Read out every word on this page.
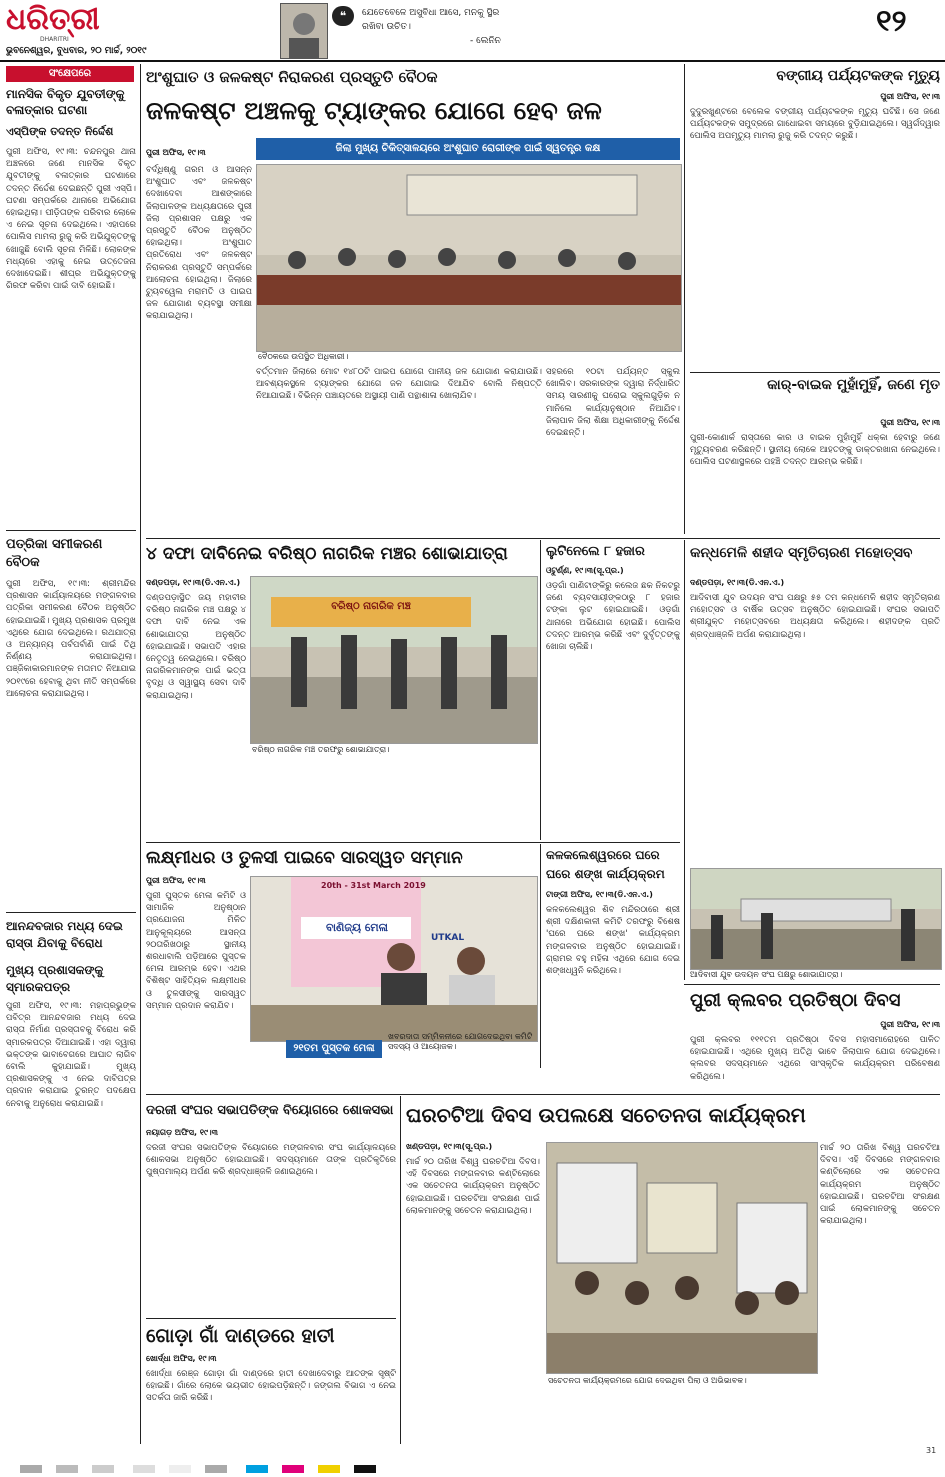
ଧରିତ୍ରୀ
DHARITRI
ଭୁବନେଶ୍ୱର, ବୁଧବାର, ୨୦ ମାର୍ଚ୍ଚ, ୨୦୧୯
❝	ଯେତେବେଳେ ଅସୁବିଧା ଆସେ, ମନକୁ ସ୍ଥିର
ରଖିବା ଉଚିତ।
- ଲେନିନ
୧୨
ସଂକ୍ଷେପରେ
ମାନସିକ ବିକୃତ ଯୁବତୀଙ୍କୁ ବଳାତ୍କାର ଘଟଣା
ଏସ୍‌ପିଙ୍କ ତଦନ୍ତ ନିର୍ଦ୍ଦେଶ
ପୁରୀ ଅଫିସ, ୧୯।୩: ଚନ୍ଦନପୁର ଥାନା ଅଞ୍ଚଳରେ ଜଣେ ମାନସିକ ବିକୃତ ଯୁବତୀଙ୍କୁ ବଳାତ୍କାର ଘଟଣାରେ ତଦନ୍ତ ନିର୍ଦ୍ଦେଶ ଦେଇଛନ୍ତି ପୁରୀ ଏସ୍‌ପି। ଘଟଣା ସମ୍ପର୍କରେ ଥାନାରେ ଅଭିଯୋଗ ହୋଇଥିଲା। ପୀଡ଼ିତାଙ୍କ ପରିବାର ଲୋକେ ଏ ନେଇ ସୂଚନା ଦେଇଥିଲେ। ଏହାପରେ ପୋଲିସ ମାମଲା ରୁଜୁ କରି ଅଭିଯୁକ୍ତଙ୍କୁ ଖୋଜୁଛି ବୋଲି ସୂଚନା ମିଳିଛି। ଲୋକଙ୍କ ମଧ୍ୟରେ ଏହାକୁ ନେଇ ଉତ୍ତେଜନା ଦେଖାଦେଇଛି। ଶୀଘ୍ର ଅଭିଯୁକ୍ତଙ୍କୁ ଗିରଫ କରିବା ପାଇଁ ଦାବି ହୋଇଛି।
ପତ୍ରିକା ସମୀକରଣ ବୈଠକ
ପୁରୀ ଅଫିସ, ୧୯।୩: ଶ୍ରୀମନ୍ଦିର ପ୍ରଶାସନ କାର୍ଯ୍ୟାଳୟରେ ମଙ୍ଗଳବାର ପତ୍ରିକା ସମୀକରଣ ବୈଠକ ଅନୁଷ୍ଠିତ ହୋଇଯାଇଛି। ମୁଖ୍ୟ ପ୍ରଶାସକ ପ୍ରମୁଖ ଏଥିରେ ଯୋଗ ଦେଇଥିଲେ। ରଥଯାତ୍ରା ଓ ଅନ୍ୟାନ୍ୟ ପର୍ବପର୍ବାଣି ପାଇଁ ତିଥି ନିର୍ଣ୍ଣୟ କରାଯାଇଥିଲା। ପଞ୍ଜିକାକାରମାନଙ୍କ ମତାମତ ନିଆଯାଇ ୨୦୧୯ରେ ହେବାକୁ ଥିବା ନୀତି ସମ୍ପର୍କରେ ଆଲୋଚନା କରାଯାଇଥିଲା।
ଆନନ୍ଦବଜାର ମଧ୍ୟ ଦେଇ ରାସ୍ତା ଯିବାକୁ ବିରୋଧ
ମୁଖ୍ୟ ପ୍ରଶାସକଙ୍କୁ ସ୍ମାରକପତ୍ର
ପୁରୀ ଅଫିସ, ୧୯।୩: ମହାପ୍ରଭୁଙ୍କ ପବିତ୍ର ଆନନ୍ଦବଜାର ମଧ୍ୟ ଦେଇ ରାସ୍ତା ନିର୍ମାଣ ପ୍ରସ୍ତାବକୁ ବିରୋଧ କରି ସ୍ମାରକପତ୍ର ଦିଆଯାଇଛି। ଏହା ଦ୍ୱାରା ଭକ୍ତଙ୍କ ଭାବାବେଗରେ ଆଘାତ ଲାଗିବ ବୋଲି କୁହାଯାଇଛି। ମୁଖ୍ୟ ପ୍ରଶାସକଙ୍କୁ ଏ ନେଇ ଦାବିପତ୍ର ପ୍ରଦାନ କରାଯାଇ ତୁରନ୍ତ ପଦକ୍ଷେପ ନେବାକୁ ଅନୁରୋଧ କରାଯାଇଛି।
ଅଂଶୁଘାତ ଓ ଜଳକଷ୍ଟ ନିରାକରଣ ପ୍ରସ୍ତୁତି ବୈଠକ
ଜଳକଷ୍ଟ ଅଞ୍ଚଳକୁ ଟ୍ୟାଙ୍କର ଯୋଗେ ହେବ ଜଳ
ଜିଲା ମୁଖ୍ୟ ଚିକିତ୍ସାଳୟରେ ଅଂଶୁଘାତ ରୋଗୀଙ୍କ ପାଇଁ ସ୍ୱତନ୍ତ୍ର କକ୍ଷ
ପୁରୀ ଅଫିସ, ୧୯।୩
ବର୍ଦ୍ଧିଷ୍ଣୁ ଗରମ ଓ ଆସନ୍ନ ଅଂଶୁଘାତ ଏବଂ ଜଳକଷ୍ଟ ଦେଖାଦେବା ଆଶଙ୍କାରେ ଜିଲାପାଳଙ୍କ ଅଧ୍ୟକ୍ଷତାରେ ପୁରୀ ଜିଲା ପ୍ରଶାସନ ପକ୍ଷରୁ ଏକ ପ୍ରସ୍ତୁତି ବୈଠକ ଅନୁଷ୍ଠିତ ହୋଇଥିଲା। ଅଂଶୁଘାତ ପ୍ରତିରୋଧ ଏବଂ ଜଳକଷ୍ଟ ନିରାକରଣ ପ୍ରସ୍ତୁତି ସମ୍ପର୍କରେ ଆଲୋଚନା ହୋଇଥିଲା। ଜିଲାରେ ଟ୍ୟୁବୱେଲ ମରାମତି ଓ ପାଇପ ଜଳ ଯୋଗାଣ ବ୍ୟବସ୍ଥା ସମୀକ୍ଷା କରାଯାଇଥିଲା।
ବୈଠକରେ ଉପସ୍ଥିତ ଅଧିକାରୀ।
ବର୍ତ୍ତମାନ ଜିଲାରେ ମୋଟ ୧୪୮୦ଟି ପାଇପ ଯୋଗେ ପାନୀୟ ଜଳ ଯୋଗାଣ କରାଯାଉଛି। ଆବଶ୍ୟକସ୍ଥଳେ ଟ୍ୟାଙ୍କର ଯୋଗେ ଜଳ ଯୋଗାଇ ଦିଆଯିବ ବୋଲି ନିଷ୍ପତ୍ତି ନିଆଯାଇଛି। ବିଭିନ୍ନ ପଞ୍ଚାୟତରେ ଅସ୍ଥାୟୀ ପାଣି ପନ୍ଥାଶାଳା ଖୋଲାଯିବ।
ସହରରେ ୧୦ଟା ପର୍ଯ୍ୟନ୍ତ ସ୍କୁଲ ଖୋଲିବ। ସରକାରଙ୍କ ଦ୍ୱାରା ନିର୍ଦ୍ଧାରିତ ସମୟ ସାରଣୀକୁ ଘରୋଇ ସ୍କୁଲଗୁଡ଼ିକ ନ ମାନିଲେ କାର୍ଯ୍ୟାନୁଷ୍ଠାନ ନିଆଯିବ। ଜିଲାପାଳ ଜିଲା ଶିକ୍ଷା ଅଧିକାରୀଙ୍କୁ ନିର୍ଦ୍ଦେଶ ଦେଇଛନ୍ତି।
ବଙ୍ଗୀୟ ପର୍ଯ୍ୟଟକଙ୍କ ମୃତ୍ୟୁ
ପୁରୀ ଅଫିସ, ୧୯।୩
ଦୁଦୁରଖୁଣ୍ଟରେ ବେଲେକ ବଙ୍ଗୀୟ ପର୍ଯ୍ୟଟକଙ୍କ ମୃତ୍ୟୁ ଘଟିଛି। ସେ ଜଣେ ପର୍ଯ୍ୟଟକଙ୍କ ସମୁଦ୍ରରେ ଗାଧୋଇବା ସମୟରେ ବୁଡ଼ିଯାଇଥିଲେ। ସ୍ୱର୍ଗଦ୍ୱାର ପୋଲିସ ଅପମୃତ୍ୟୁ ମାମଲା ରୁଜୁ କରି ତଦନ୍ତ କରୁଛି।
କାର୍-ବାଇକ ମୁହାଁମୁହିଁ, ଜଣେ ମୃତ
ପୁରୀ ଅଫିସ, ୧୯।୩
ପୁରୀ-କୋଣାର୍କ ରାସ୍ତାରେ କାର ଓ ବାଇକ ମୁହାଁମୁହିଁ ଧକ୍କା ହେବାରୁ ଜଣେ ମୃତ୍ୟୁବରଣ କରିଛନ୍ତି। ସ୍ଥାନୀୟ ଲୋକେ ଆହତଙ୍କୁ ଡାକ୍ତରଖାନା ନେଇଥିଲେ। ପୋଲିସ ଘଟଣାସ୍ଥଳରେ ପହଞ୍ଚି ତଦନ୍ତ ଆରମ୍ଭ କରିଛି।
୪ ଦଫା ଦାବିନେଇ ବରିଷ୍ଠ ନାଗରିକ ମଞ୍ଚର ଶୋଭାଯାତ୍ରା
ଦଣ୍ଡପଡ଼ା, ୧୯।୩(ଡି.ଏନ.ଏ.)
ଦଣ୍ଡପଡ଼ାସ୍ଥିତ ଜୟ ମହାବୀର ବରିଷ୍ଠ ନାଗରିକ ମଞ୍ଚ ପକ୍ଷରୁ ୪ ଦଫା ଦାବି ନେଇ ଏକ ଶୋଭାଯାତ୍ରା ଅନୁଷ୍ଠିତ ହୋଇଯାଇଛି। ସଭାପତି ଏହାର ନେତୃତ୍ୱ ନେଇଥିଲେ। ବରିଷ୍ଠ ନାଗରିକମାନଙ୍କ ପାଇଁ ଭତ୍ତା ବୃଦ୍ଧି ଓ ସ୍ୱାସ୍ଥ୍ୟ ସେବା ଦାବି କରାଯାଇଥିଲା।
ବରିଷ୍ଠ ନାଗରିକ ମଞ୍ଚ
ବରିଷ୍ଠ ନାଗରିକ ମଞ୍ଚ ତରଫରୁ ଶୋଭାଯାତ୍ରା।
ଲୁଟିନେଲେ ୮ ହଜାର
ଓଟୁର୍ଣ୍ଣ, ୧୯।୩(ସୂ.ପ୍ର.)
ଓଡ଼ଗାଁ ପାଣିଟାଙ୍କିରୁ କଲେଜ ଛକ ନିକଟରୁ ଜଣେ ବ୍ୟବସାୟୀଙ୍କଠାରୁ ୮ ହଜାର ଟଙ୍କା ଲୁଟ ହୋଇଯାଇଛି। ଓଡ଼ଗାଁ ଥାନାରେ ଅଭିଯୋଗ ହୋଇଛି। ପୋଲିସ ତଦନ୍ତ ଆରମ୍ଭ କରିଛି ଏବଂ ଦୁର୍ବୃତ୍ତଙ୍କୁ ଖୋଜା ଚାଲିଛି।
କନ୍ଧମେଳି ଶହୀଦ ସ୍ମୃତିଚାରଣ ମହୋତ୍ସବ
ଦଣ୍ଡପଡ଼ା, ୧୯।୩(ଡି.ଏନ.ଏ.)
ଆଦିବାସୀ ଯୁବ ଉଦୟନ ସଂଘ ପକ୍ଷରୁ ୫୫ ତମ କନ୍ଧମେଳି ଶହୀଦ ସ୍ମୃତିଚାରଣ ମହୋତ୍ସବ ଓ ବାର୍ଷିକ ଉତ୍ସବ ଅନୁଷ୍ଠିତ ହୋଇଯାଇଛି। ସଂଘର ସଭାପତି ଶ୍ରୀଯୁକ୍ତ ମହୋତ୍ସବରେ ଅଧ୍ୟକ୍ଷତା କରିଥିଲେ। ଶହୀଦଙ୍କ ପ୍ରତି ଶ୍ରଦ୍ଧାଞ୍ଜଳି ଅର୍ପଣ କରାଯାଇଥିଲା।
ଆଦିବାସୀ ଯୁବ ଉଦୟନ ସଂଘ ପକ୍ଷରୁ ଶୋଭାଯାତ୍ରା।
ଲକ୍ଷ୍ମୀଧର ଓ ତୁଳସୀ ପାଇବେ ସାରସ୍ୱତ ସମ୍ମାନ
ପୁରୀ ଅଫିସ, ୧୯।୩
ପୁରୀ ପୁସ୍ତକ ମେଳା କମିଟି ଓ ସାମାଜିକ ଅନୁଷ୍ଠାନ ପ୍ରଯୋଜନା ମିଳିତ ଆନୁକୂଲ୍ୟରେ ଆସନ୍ତା ୨୦ତାରିଖଠାରୁ ସ୍ଥାନୀୟ ଶରଧାବାଲି ପଡ଼ିଆରେ ପୁସ୍ତକ ମେଳା ଆରମ୍ଭ ହେବ। ଏଥର ବିଶିଷ୍ଟ ସାହିତ୍ୟିକ ଲକ୍ଷ୍ମୀଧର ଓ ତୁଳସୀଙ୍କୁ ସାରସ୍ୱତ ସମ୍ମାନ ପ୍ରଦାନ କରାଯିବ।
20th - 31st March 2019
ବାଣିଜ୍ୟ ମେଳା
UTKAL
୨୧ତମ ପୁସ୍ତକ ମେଳା
ଖବରଦାତା ସମ୍ମିଳନୀରେ ଯୋଗଦେଇଥିବା କମିଟି ସଦସ୍ୟ ଓ ଆୟୋଜକ।
କଳକଲେଶ୍ୱରରେ ଘରେ ଘରେ ଶଙ୍ଖ କାର୍ଯ୍ୟକ୍ରମ
ଟାଙ୍ଗୀ ଅଫିସ, ୧୯।୩(ଡି.ଏନ.ଏ.)
କଳକଲେଶ୍ୱର ଶିବ ମନ୍ଦିରଠାରେ ଶ୍ରୀ ଶ୍ରୀ ଦକ୍ଷିଣକାଳୀ କମିଟି ତରଫରୁ ବିଶେଷ 'ଘରେ ଘରେ ଶଙ୍ଖ' କାର୍ଯ୍ୟକ୍ରମ ମଙ୍ଗଳବାର ଅନୁଷ୍ଠିତ ହୋଇଯାଇଛି। ଗ୍ରାମର ବହୁ ମହିଳା ଏଥିରେ ଯୋଗ ଦେଇ ଶଙ୍ଖଧ୍ୱନି କରିଥିଲେ।
ପୁରୀ କ୍ଲବର ପ୍ରତିଷ୍ଠା ଦିବସ
ପୁରୀ ଅଫିସ, ୧୯।୩
ପୁରୀ କ୍ଲବର ୧୧୧ତମ ପ୍ରତିଷ୍ଠା ଦିବସ ମହାସମାରୋହରେ ପାଳିତ ହୋଇଯାଇଛି। ଏଥିରେ ମୁଖ୍ୟ ଅତିଥି ଭାବେ ଜିଲାପାଳ ଯୋଗ ଦେଇଥିଲେ। କ୍ଲବର ସଦସ୍ୟମାନେ ଏଥିରେ ସାଂସ୍କୃତିକ କାର୍ଯ୍ୟକ୍ରମ ପରିବେଷଣ କରିଥିଲେ।
ଦରଜୀ ସଂଘର ସଭାପତିଙ୍କ ବିୟୋଗରେ ଶୋକସଭା
ନୟାଗଡ଼ ଅଫିସ, ୧୯।୩
ଦରଜୀ ସଂଘର ସଭାପତିଙ୍କ ବିୟୋଗରେ ମଙ୍ଗଳବାର ସଂଘ କାର୍ଯ୍ୟାଳୟରେ ଶୋକସଭା ଅନୁଷ୍ଠିତ ହୋଇଯାଇଛି। ସଦସ୍ୟମାନେ ତାଙ୍କ ପ୍ରତିକୃତିରେ ପୁଷ୍ପମାଲ୍ୟ ଅର୍ପଣ କରି ଶ୍ରଦ୍ଧାଞ୍ଜଳି ଜଣାଇଥିଲେ।
ଗୋଡ଼ା ଗାଁ ଦାଣ୍ଡରେ ହାତୀ
ଖୋର୍ଦ୍ଧା ଅଫିସ, ୧୯।୩
ଖୋର୍ଦ୍ଧା ରେଞ୍ଜ ଗୋଡ଼ା ଗାଁ ଦାଣ୍ଡରେ ହାତୀ ଦେଖାଦେବାରୁ ଆତଙ୍କ ସୃଷ୍ଟି ହୋଇଛି। ଗାଁରେ ଲୋକେ ଭୟଭୀତ ହୋଇପଡ଼ିଛନ୍ତି। ଜଙ୍ଗଲ ବିଭାଗ ଏ ନେଇ ସତର୍କତା ଜାରି କରିଛି।
ଘରଚଟିଆ ଦିବସ ଉପଲକ୍ଷେ ସଚେତନତା କାର୍ଯ୍ୟକ୍ରମ
ଖଣ୍ଡପଡ଼ା, ୧୯।୩(ସୂ.ପ୍ର.)
ମାର୍ଚ୍ଚ ୨୦ ତାରିଖ ବିଶ୍ୱ ଘରଚଟିଆ ଦିବସ। ଏହି ଦିବସରେ ମଙ୍ଗଳବାର କଣ୍ଟିଲୋରେ ଏକ ସଚେତନତା କାର୍ଯ୍ୟକ୍ରମ ଅନୁଷ୍ଠିତ ହୋଇଯାଇଛି। ଘରଚଟିଆ ସଂରକ୍ଷଣ ପାଇଁ ଲୋକମାନଙ୍କୁ ସଚେତନ କରାଯାଇଥିଲା।
ସଚେତନତା କାର୍ଯ୍ୟକ୍ରମରେ ଯୋଗ ଦେଇଥିବା ପିଲା ଓ ଅଭିଭାବକ।
ମାର୍ଚ୍ଚ ୨୦ ତାରିଖ ବିଶ୍ୱ ଘରଚଟିଆ ଦିବସ। ଏହି ଦିବସରେ ମଙ୍ଗଳବାର କଣ୍ଟିଲୋରେ ଏକ ସଚେତନତା କାର୍ଯ୍ୟକ୍ରମ ଅନୁଷ୍ଠିତ ହୋଇଯାଇଛି। ଘରଚଟିଆ ସଂରକ୍ଷଣ ପାଇଁ ଲୋକମାନଙ୍କୁ ସଚେତନ କରାଯାଇଥିଲା।

31
